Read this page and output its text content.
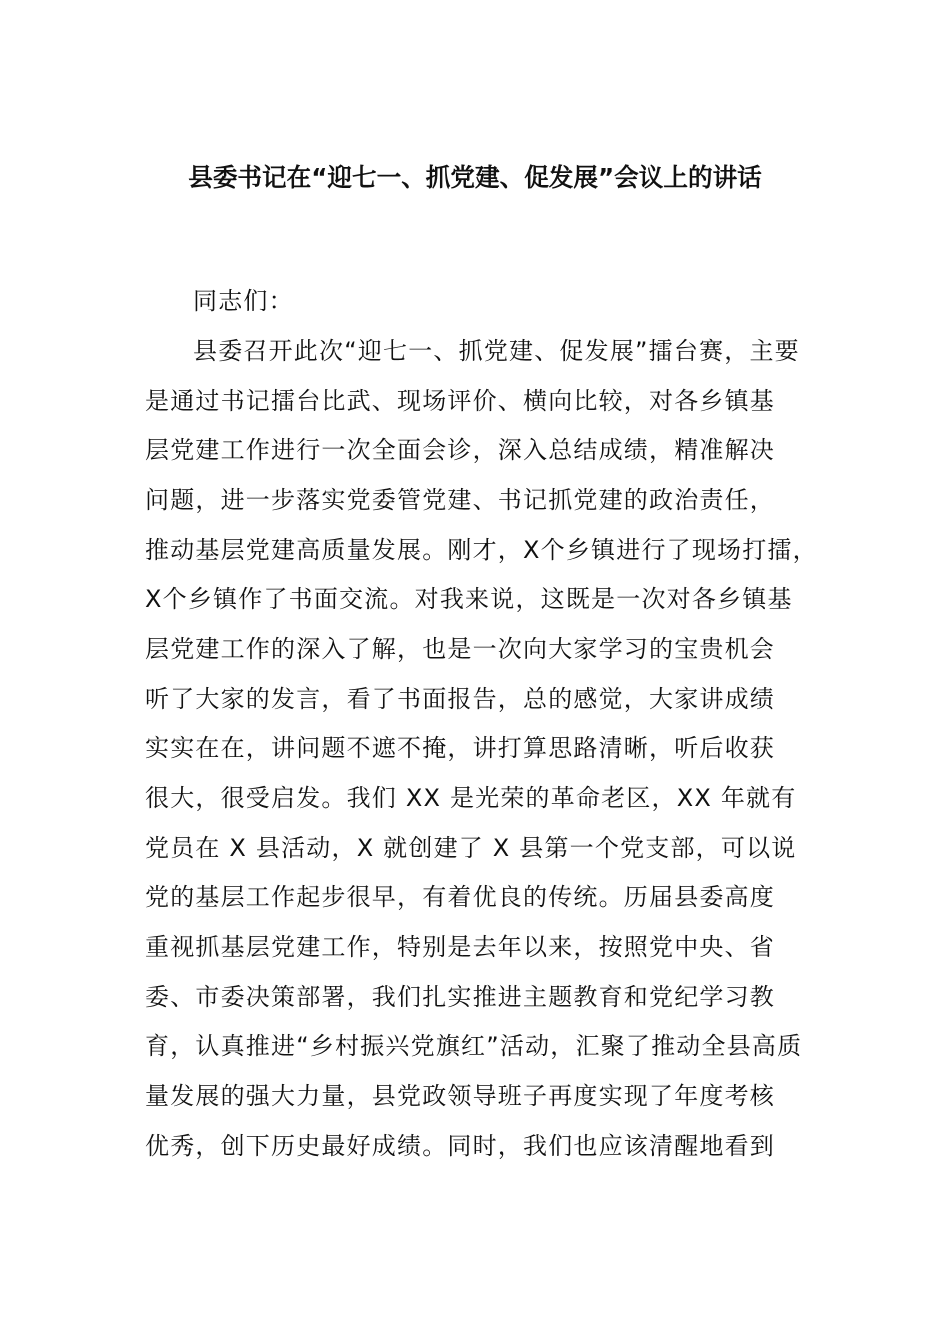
县委书记在“迎七一、抓党建、促发展”会议上的讲话
同志们：
县委召开此次“迎七一、抓党建、促发展”擂台赛，主要
是通过书记擂台比武、现场评价、横向比较，对各乡镇基
层党建工作进行一次全面会诊，深入总结成绩，精准解决
问题，进一步落实党委管党建、书记抓党建的政治责任，
推动基层党建高质量发展。刚才，X个乡镇进行了现场打擂，
X个乡镇作了书面交流。对我来说，这既是一次对各乡镇基
层党建工作的深入了解，也是一次向大家学习的宝贵机会
听了大家的发言，看了书面报告，总的感觉，大家讲成绩
实实在在，讲问题不遮不掩，讲打算思路清晰，听后收获
很大，很受启发。我们 XX 是光荣的革命老区，XX 年就有
党员在 X 县活动，X 就创建了 X 县第一个党支部，可以说
党的基层工作起步很早，有着优良的传统。历届县委高度
重视抓基层党建工作，特别是去年以来，按照党中央、省
委、市委决策部署，我们扎实推进主题教育和党纪学习教
育，认真推进“乡村振兴党旗红”活动，汇聚了推动全县高质
量发展的强大力量，县党政领导班子再度实现了年度考核
优秀，创下历史最好成绩。同时，我们也应该清醒地看到
